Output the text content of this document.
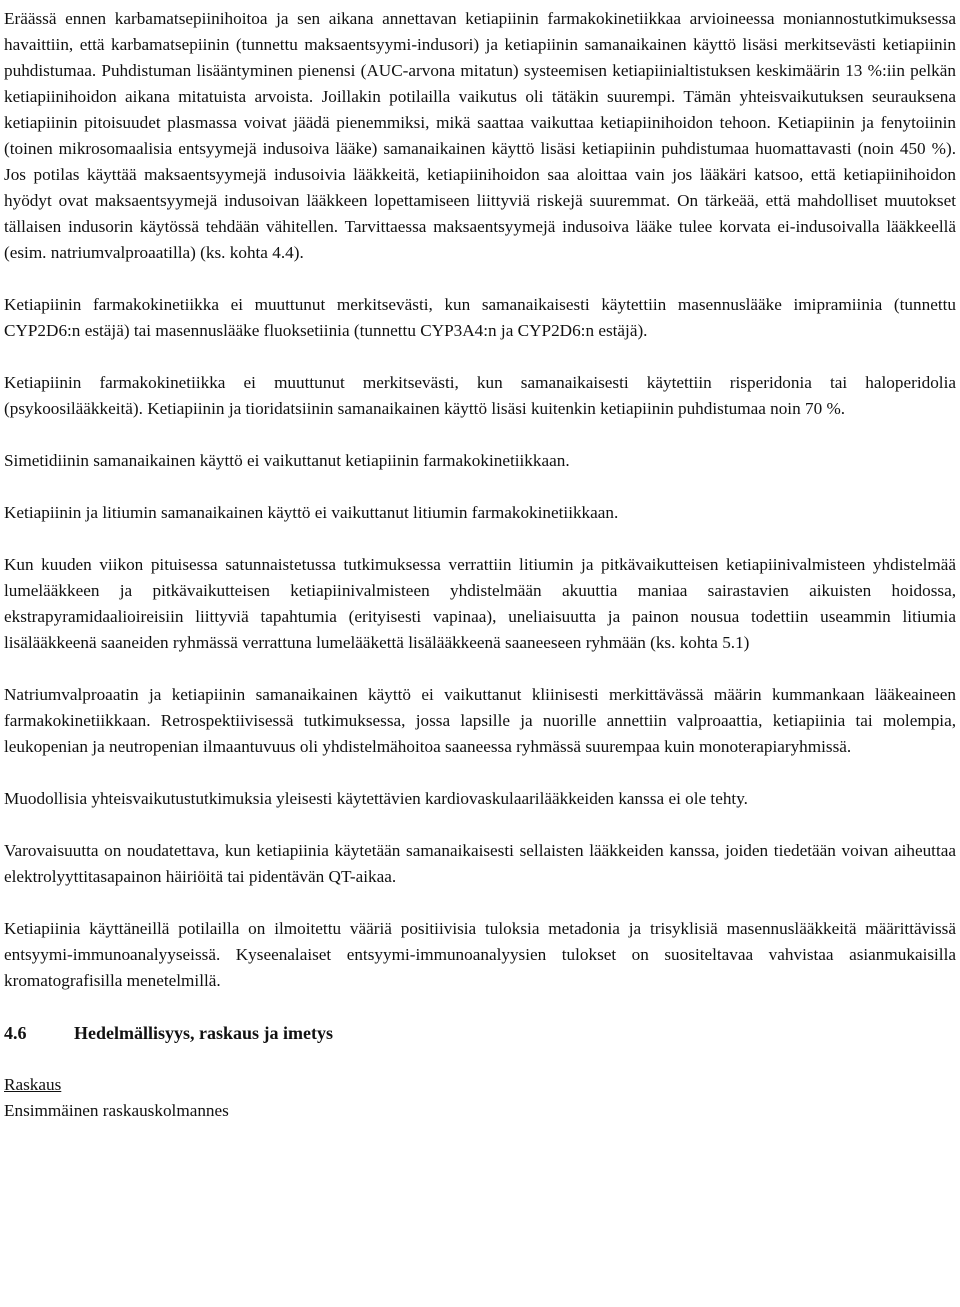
Eräässä ennen karbamatsepiinihoitoa ja sen aikana annettavan ketiapiinin farmakokinetiikkaa arvioineessa moniannostutkimuksessa havaittiin, että karbamatsepiinin (tunnettu maksaentsyymi-indusori) ja ketiapiinin samanaikainen käyttö lisäsi merkitsevästi ketiapiinin puhdistumaa. Puhdistuman lisääntyminen pienensi (AUC-arvona mitatun) systeemisen ketiapiinialtistuksen keskimäärin 13 %:iin pelkän ketiapiinihoidon aikana mitatuista arvoista. Joillakin potilailla vaikutus oli tätäkin suurempi. Tämän yhteisvaikutuksen seurauksena ketiapiinin pitoisuudet plasmassa voivat jäädä pienemmiksi, mikä saattaa vaikuttaa ketiapiinihoidon tehoon. Ketiapiinin ja fenytoiinin (toinen mikrosomaalisia entsyymejä indusoiva lääke) samanaikainen käyttö lisäsi ketiapiinin puhdistumaa huomattavasti (noin 450 %). Jos potilas käyttää maksaentsyymejä indusoivia lääkkeitä, ketiapiinihoidon saa aloittaa vain jos lääkäri katsoo, että ketiapiinihoidon hyödyt ovat maksaentsyymejä indusoivan lääkkeen lopettamiseen liittyviä riskejä suuremmat. On tärkeää, että mahdolliset muutokset tällaisen indusorin käytössä tehdään vähitellen. Tarvittaessa maksaentsyymejä indusoiva lääke tulee korvata ei-indusoivalla lääkkeellä (esim. natriumvalproaatilla) (ks. kohta 4.4).

Ketiapiinin farmakokinetiikka ei muuttunut merkitsevästi, kun samanaikaisesti käytettiin masennuslääke imipramiinia (tunnettu CYP2D6:n estäjä) tai masennuslääke fluoksetiinia (tunnettu CYP3A4:n ja CYP2D6:n estäjä).

Ketiapiinin farmakokinetiikka ei muuttunut merkitsevästi, kun samanaikaisesti käytettiin risperidonia tai haloperidolia (psykoosilääkkeitä). Ketiapiinin ja tioridatsiinin samanaikainen käyttö lisäsi kuitenkin ketiapiinin puhdistumaa noin 70 %.

Simetidiinin samanaikainen käyttö ei vaikuttanut ketiapiinin farmakokinetiikkaan.

Ketiapiinin ja litiumin samanaikainen käyttö ei vaikuttanut litiumin farmakokinetiikkaan.

Kun kuuden viikon pituisessa satunnaistetussa tutkimuksessa verrattiin litiumin ja pitkävaikutteisen ketiapiinivalmisteen yhdistelmää lumelääkkeen ja pitkävaikutteisen ketiapiinivalmisteen yhdistelmään akuuttia maniaa sairastavien aikuisten hoidossa, ekstrapyramidaalioireisiin liittyviä tapahtumia (erityisesti vapinaa), uneliaisuutta ja painon nousua todettiin useammin litiumia lisälääkkeenä saaneiden ryhmässä verrattuna lumelääkettä lisälääkkeenä saaneeseen ryhmään (ks. kohta 5.1)

Natriumvalproaatin ja ketiapiinin samanaikainen käyttö ei vaikuttanut kliinisesti merkittävässä määrin kummankaan lääkeaineen farmakokinetiikkaan. Retrospektiivisessä tutkimuksessa, jossa lapsille ja nuorille annettiin valproaattia, ketiapiinia tai molempia, leukopenian ja neutropenian ilmaantuvuus oli yhdistelmähoitoa saaneessa ryhmässä suurempaa kuin monoterapiaryhmissä.

Muodollisia yhteisvaikutustutkimuksia yleisesti käytettävien kardiovaskulaarilääkkeiden kanssa ei ole tehty.

Varovaisuutta on noudatettava, kun ketiapiinia käytetään samanaikaisesti sellaisten lääkkeiden kanssa, joiden tiedetään voivan aiheuttaa elektrolyyttitasapainon häiriöitä tai pidentävän QT-aikaa.

Ketiapiinia käyttäneillä potilailla on ilmoitettu vääriä positiivisia tuloksia metadonia ja trisyklisiä masennuslääkkeitä määrittävissä entsyymi-immunoanalyyseissä. Kyseenalaiset entsyymi-immunoanalyysien tulokset on suositeltavaa vahvistaa asianmukaisilla kromatografisilla menetelmillä.

4.6	Hedelmällisyys, raskaus ja imetys

Raskaus

Ensimmäinen raskauskolmannes
